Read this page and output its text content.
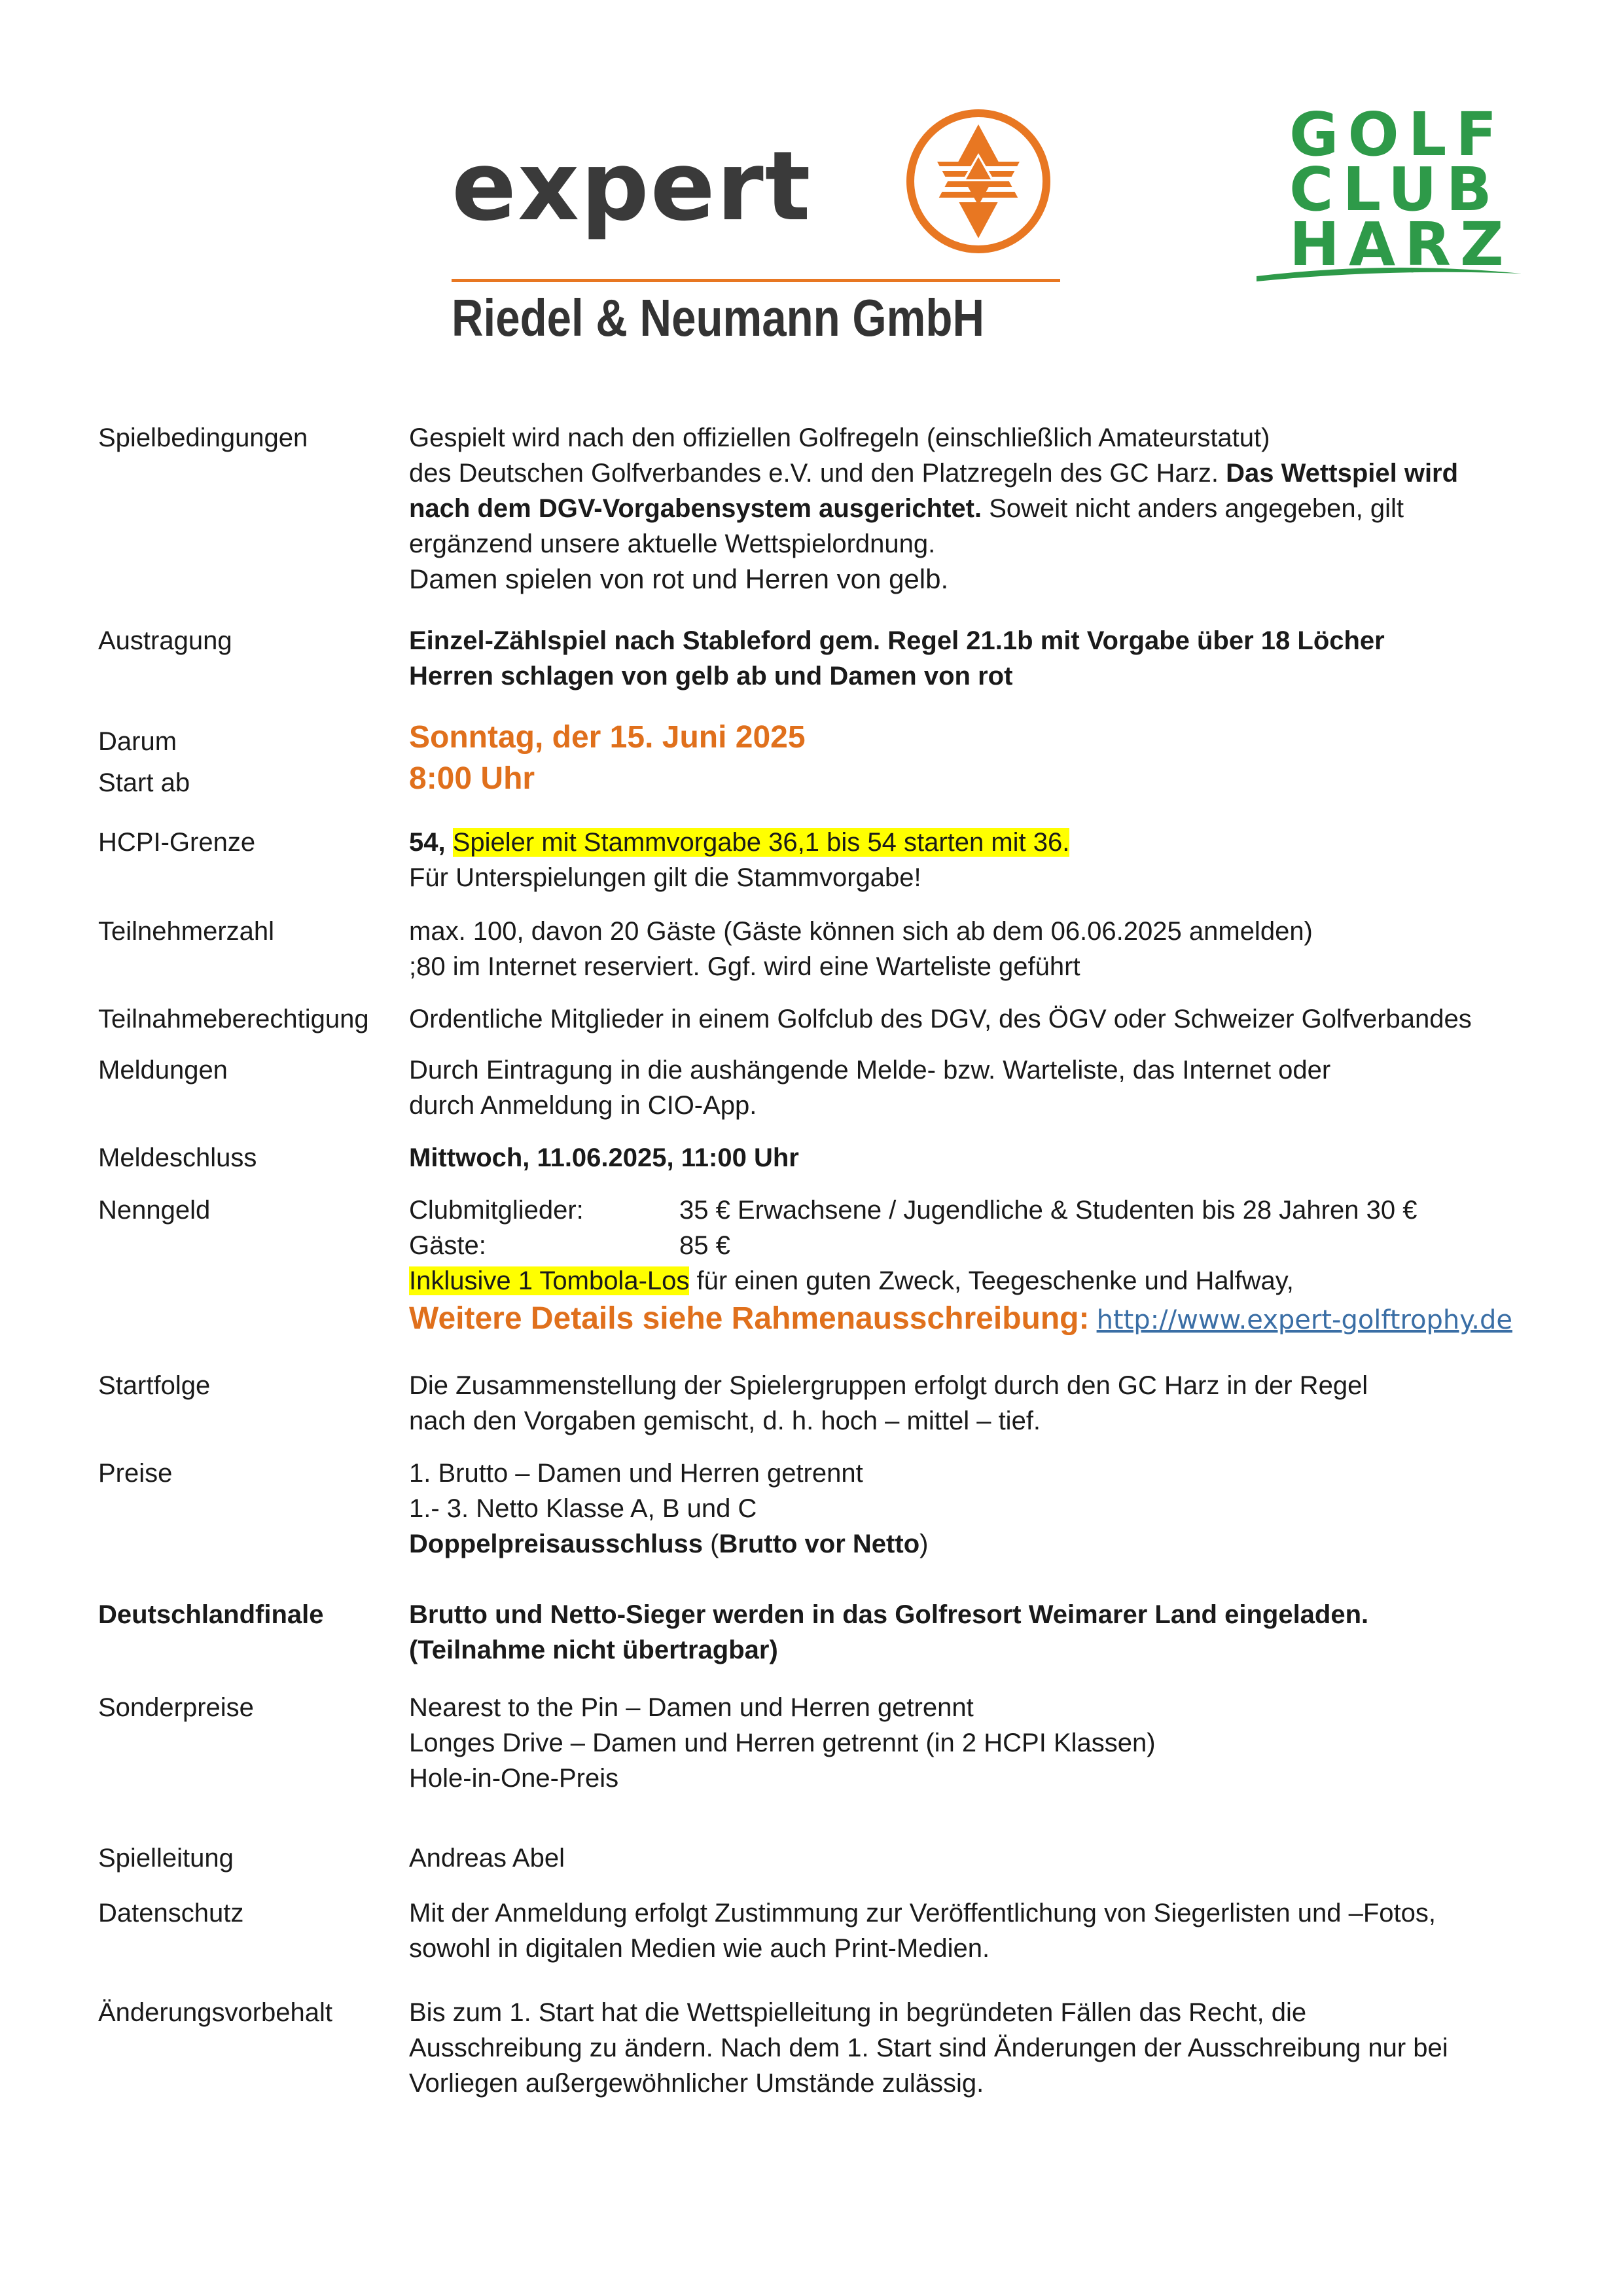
expert
Riedel & Neumann GmbH
GOLF
CLUB
HARZ
Spielbedingungen	Gespielt wird nach den offiziellen Golfregeln (einschließlich Amateurstatut)
des Deutschen Golfverbandes e.V. und den Platzregeln des GC Harz. Das Wettspiel wird
nach dem DGV-Vorgabensystem ausgerichtet. Soweit nicht anders angegeben, gilt
ergänzend unsere aktuelle Wettspielordnung.
Damen spielen von rot und Herren von gelb.
Austragung	Einzel-Zählspiel nach Stableford gem. Regel 21.1b mit Vorgabe über 18 Löcher
Herren schlagen von gelb ab und Damen von rot
Darum	Sonntag, der 15. Juni 2025
Start ab	8:00 Uhr
HCPI-Grenze	54, Spieler mit Stammvorgabe 36,1 bis 54 starten mit 36.
Für Unterspielungen gilt die Stammvorgabe!
Teilnehmerzahl	max. 100, davon 20 Gäste (Gäste können sich ab dem 06.06.2025 anmelden)
;80 im Internet reserviert. Ggf. wird eine Warteliste geführt
Teilnahmeberechtigung	Ordentliche Mitglieder in einem Golfclub des DGV, des ÖGV oder Schweizer Golfverbandes
Meldungen	Durch Eintragung in die aushängende Melde- bzw. Warteliste, das Internet oder
durch Anmeldung in CIO-App.
Meldeschluss	Mittwoch, 11.06.2025, 11:00 Uhr
Nenngeld	Clubmitglieder:	35 € Erwachsene / Jugendliche & Studenten bis 28 Jahren 30 €
Gäste:	85 €
Inklusive 1 Tombola-Los für einen guten Zweck, Teegeschenke und Halfway,
Weitere Details siehe Rahmenausschreibung: http://www.expert-golftrophy.de
Startfolge	Die Zusammenstellung der Spielergruppen erfolgt durch den GC Harz in der Regel
nach den Vorgaben gemischt, d. h. hoch – mittel – tief.
Preise	1. Brutto – Damen und Herren getrennt
1.- 3. Netto Klasse A, B und C
Doppelpreisausschluss (Brutto vor Netto)
Deutschlandfinale	Brutto und Netto-Sieger werden in das Golfresort Weimarer Land eingeladen.
(Teilnahme nicht übertragbar)
Sonderpreise	Nearest to the Pin – Damen und Herren getrennt
Longes Drive – Damen und Herren getrennt (in 2 HCPI Klassen)
Hole-in-One-Preis
Spielleitung	Andreas Abel
Datenschutz	Mit der Anmeldung erfolgt Zustimmung zur Veröffentlichung von Siegerlisten und –Fotos,
sowohl in digitalen Medien wie auch Print-Medien.
Änderungsvorbehalt	Bis zum 1. Start hat die Wettspielleitung in begründeten Fällen das Recht, die
Ausschreibung zu ändern. Nach dem 1. Start sind Änderungen der Ausschreibung nur bei
Vorliegen außergewöhnlicher Umstände zulässig.
